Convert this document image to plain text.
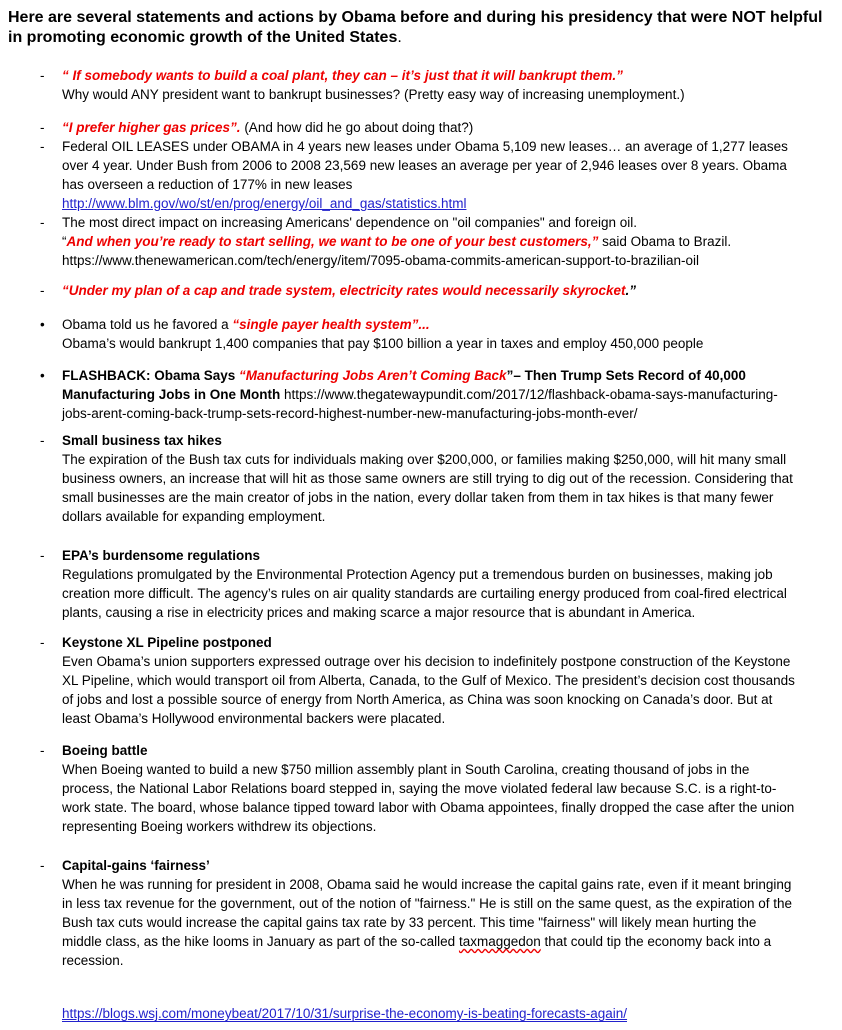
Here are several statements and actions by Obama before and during his presidency that were NOT helpful in promoting economic growth of the United States.
-	“ If somebody wants to build a coal plant, they can – it’s just that it will bankrupt them.”
Why would ANY president want to bankrupt businesses? (Pretty easy way of increasing unemployment.)
-	“I prefer higher gas prices”. (And how did he go about doing that?)
-	Federal OIL LEASES under OBAMA in 4 years new leases under Obama 5,109 new leases… an average of 1,277 leases over 4 year. Under Bush from 2006 to 2008 23,569 new leases an average per year of 2,946 leases over 8 years. Obama has overseen a reduction of 177% in new leases
http://www.blm.gov/wo/st/en/prog/energy/oil_and_gas/statistics.html
-	The most direct impact on increasing Americans' dependence on "oil companies" and foreign oil.
“And when you’re ready to start selling, we want to be one of your best customers,” said Obama to Brazil.
https://www.thenewamerican.com/tech/energy/item/7095-obama-commits-american-support-to-brazilian-oil
-	“Under my plan of a cap and trade system, electricity rates would necessarily skyrocket.”
•	Obama told us he favored a “single payer health system”...
Obama’s would bankrupt 1,400 companies that pay $100 billion a year in taxes and employ 450,000 people
•	FLASHBACK: Obama Says “Manufacturing Jobs Aren’t Coming Back”– Then Trump Sets Record of 40,000 Manufacturing Jobs in One Month https://www.thegatewaypundit.com/2017/12/flashback-obama-says-manufacturing-jobs-arent-coming-back-trump-sets-record-highest-number-new-manufacturing-jobs-month-ever/
-	Small business tax hikes
The expiration of the Bush tax cuts for individuals making over $200,000, or families making $250,000, will hit many small business owners, an increase that will hit as those same owners are still trying to dig out of the recession. Considering that small businesses are the main creator of jobs in the nation, every dollar taken from them in tax hikes is that many fewer dollars available for expanding employment.
-	EPA’s burdensome regulations
Regulations promulgated by the Environmental Protection Agency put a tremendous burden on businesses, making job creation more difficult. The agency’s rules on air quality standards are curtailing energy produced from coal-fired electrical plants, causing a rise in electricity prices and making scarce a major resource that is abundant in America.
-	Keystone XL Pipeline postponed
Even Obama’s union supporters expressed outrage over his decision to indefinitely postpone construction of the Keystone XL Pipeline, which would transport oil from Alberta, Canada, to the Gulf of Mexico. The president’s decision cost thousands of jobs and lost a possible source of energy from North America, as China was soon knocking on Canada’s door. But at least Obama’s Hollywood environmental backers were placated.
-	Boeing battle
When Boeing wanted to build a new $750 million assembly plant in South Carolina, creating thousand of jobs in the process, the National Labor Relations board stepped in, saying the move violated federal law because S.C. is a right-to-work state. The board, whose balance tipped toward labor with Obama appointees, finally dropped the case after the union representing Boeing workers withdrew its objections.
-	Capital-gains ‘fairness’
When he was running for president in 2008, Obama said he would increase the capital gains rate, even if it meant bringing in less tax revenue for the government, out of the notion of "fairness." He is still on the same quest, as the expiration of the Bush tax cuts would increase the capital gains tax rate by 33 percent. This time "fairness" will likely mean hurting the middle class, as the hike looms in January as part of the so-called taxmaggedon that could tip the economy back into a recession.
https://blogs.wsj.com/moneybeat/2017/10/31/surprise-the-economy-is-beating-forecasts-again/
